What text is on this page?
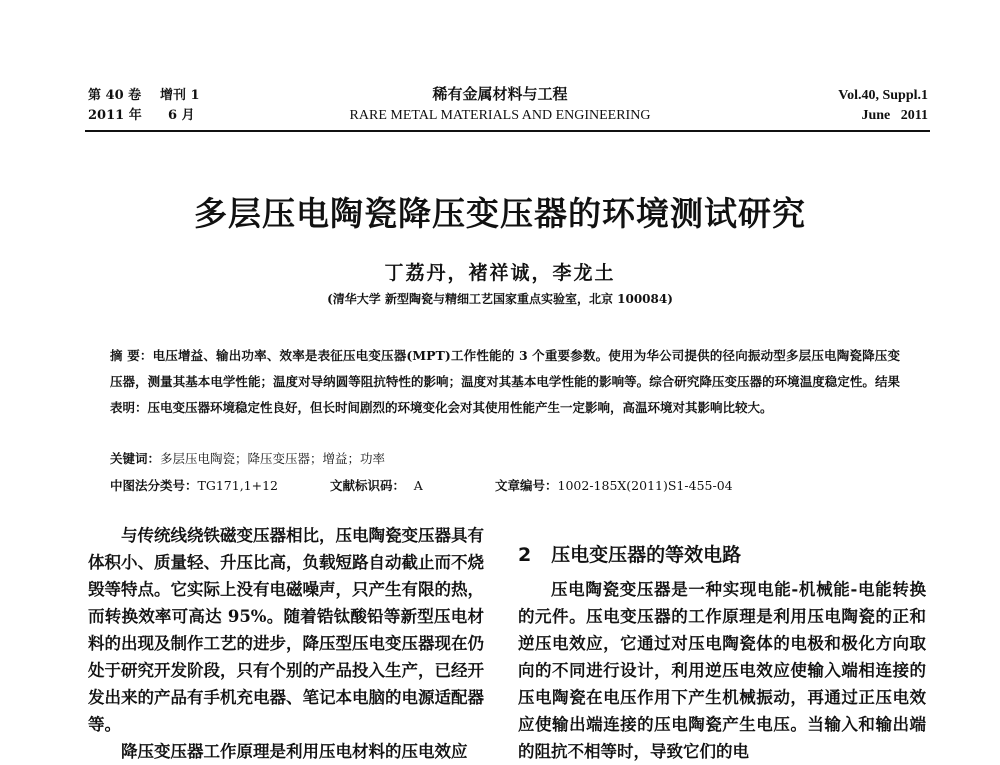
第 40 卷 增刊 1
2011 年 6 月
稀有金属材料与工程
RARE METAL MATERIALS AND ENGINEERING
Vol.40, Suppl.1
June   2011
多层压电陶瓷降压变压器的环境测试研究
丁荔丹，褚祥诚，李龙土
(清华大学 新型陶瓷与精细工艺国家重点实验室，北京 100084)
摘 要：电压增益、输出功率、效率是表征压电变压器(MPT)工作性能的 3 个重要参数。使用为华公司提供的径向振动型多层压电陶瓷降压变压器，测量其基本电学性能；温度对导纳圆等阻抗特性的影响；温度对其基本电学性能的影响等。综合研究降压变压器的环境温度稳定性。结果表明：压电变压器环境稳定性良好，但长时间剧烈的环境变化会对其使用性能产生一定影响，高温环境对其影响比较大。
关键词：多层压电陶瓷；降压变压器；增益；功率
中图法分类号：TG171,1+12	文献标识码： A	文章编号：1002-185X(2011)S1-455-04

与传统线绕铁磁变压器相比，压电陶瓷变压器具有体积小、质量轻、升压比高，负载短路自动截止而不烧毁等特点。它实际上没有电磁噪声，只产生有限的热，而转换效率可高达 95%。随着锆钛酸铅等新型压电材料的出现及制作工艺的进步，降压型压电变压器现在仍处于研究开发阶段，只有个别的产品投入生产，已经开发出来的产品有手机充电器、笔记本电脑的电源适配器等。

降压变压器工作原理是利用压电材料的压电效应

2   压电变压器的等效电路

压电陶瓷变压器是一种实现电能-机械能-电能转换的元件。压电变压器的工作原理是利用压电陶瓷的正和逆压电效应，它通过对压电陶瓷体的电极和极化方向取向的不同进行设计，利用逆压电效应使输入端相连接的压电陶瓷在电压作用下产生机械振动，再通过正压电效应使输出端连接的压电陶瓷产生电压。当输入和输出端的阻抗不相等时，导致它们的电
